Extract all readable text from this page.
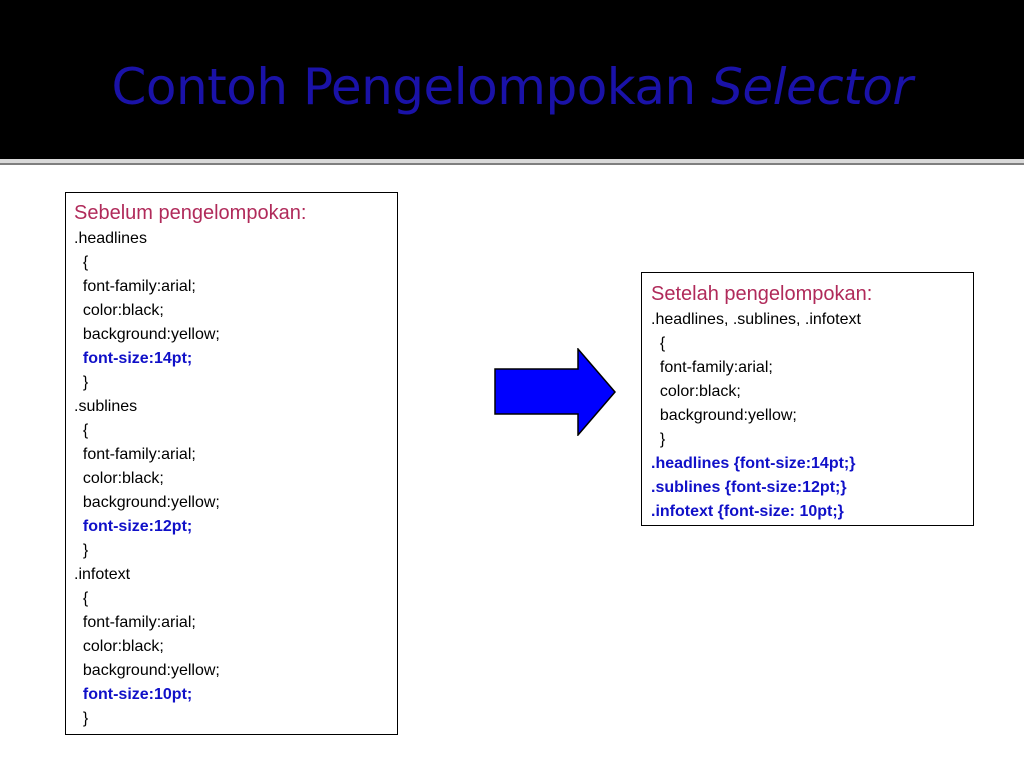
Contoh Pengelompokan Selector
Sebelum pengelompokan:
.headlines
{
font-family:arial;
color:black;
background:yellow;
font-size:14pt;
}
.sublines
{
font-family:arial;
color:black;
background:yellow;
font-size:12pt;
}
.infotext
{
font-family:arial;
color:black;
background:yellow;
font-size:10pt;
}
Setelah pengelompokan:
.headlines, .sublines, .infotext
{
font-family:arial;
color:black;
background:yellow;
}
.headlines {font-size:14pt;}
.sublines {font-size:12pt;}
.infotext {font-size: 10pt;}
